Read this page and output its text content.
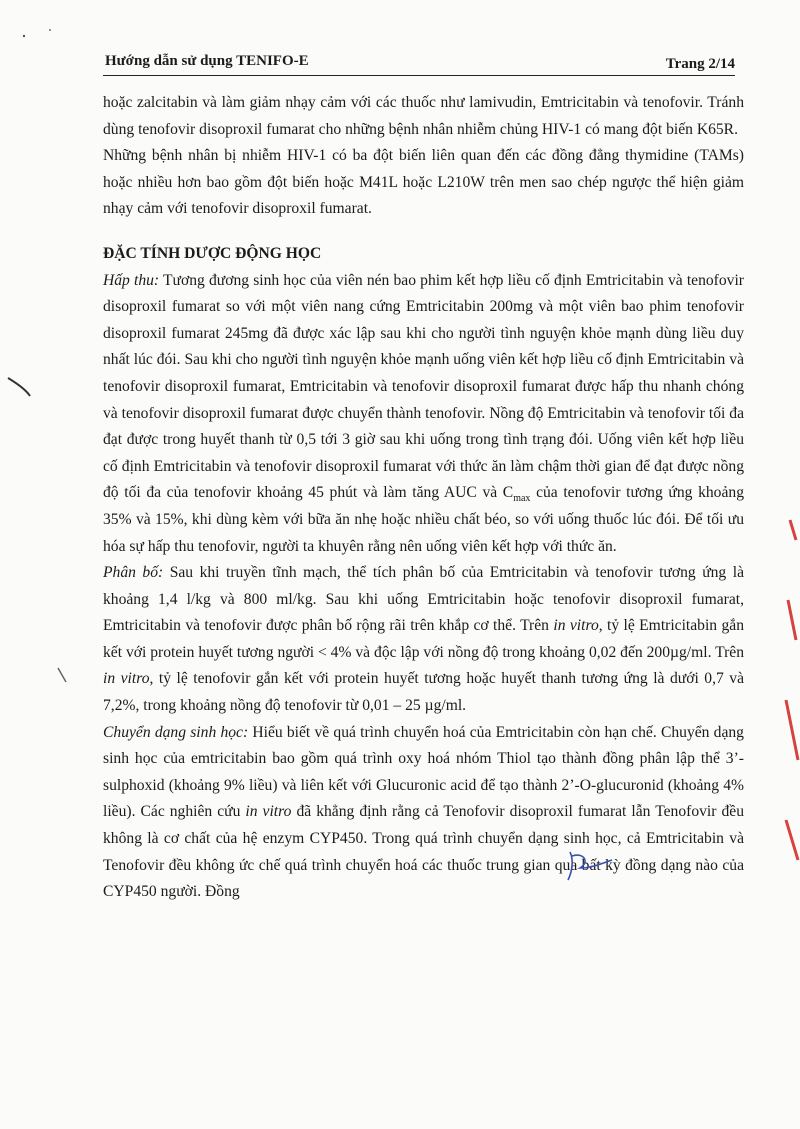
Hướng dẫn sử dụng TENIFO-E	Trang 2/14

hoặc zalcitabin và làm giảm nhạy cảm với các thuốc như lamivudin, Emtricitabin và tenofovir. Tránh dùng tenofovir disoproxil fumarat cho những bệnh nhân nhiễm chủng HIV-1 có mang đột biến K65R.

Những bệnh nhân bị nhiễm HIV-1 có ba đột biến liên quan đến các đồng đẳng thymidine (TAMs) hoặc nhiều hơn bao gồm đột biến hoặc M41L hoặc L210W trên men sao chép ngược thể hiện giảm nhạy cảm với tenofovir disoproxil fumarat.

ĐẶC TÍNH DƯỢC ĐỘNG HỌC

Hấp thu: Tương đương sinh học của viên nén bao phim kết hợp liều cố định Emtricitabin và tenofovir disoproxil fumarat so với một viên nang cứng Emtricitabin 200mg và một viên bao phim tenofovir disoproxil fumarat 245mg đã được xác lập sau khi cho người tình nguyện khỏe mạnh dùng liều duy nhất lúc đói. Sau khi cho người tình nguyện khỏe mạnh uống viên kết hợp liều cố định Emtricitabin và tenofovir disoproxil fumarat, Emtricitabin và tenofovir disoproxil fumarat được hấp thu nhanh chóng và tenofovir disoproxil fumarat được chuyển thành tenofovir. Nồng độ Emtricitabin và tenofovir tối đa đạt được trong huyết thanh từ 0,5 tới 3 giờ sau khi uống trong tình trạng đói. Uống viên kết hợp liều cố định Emtricitabin và tenofovir disoproxil fumarat với thức ăn làm chậm thời gian để đạt được nồng độ tối đa của tenofovir khoảng 45 phút và làm tăng AUC và $C_{max}$ của tenofovir tương ứng khoảng 35% và 15%, khi dùng kèm với bữa ăn nhẹ hoặc nhiều chất béo, so với uống thuốc lúc đói. Để tối ưu hóa sự hấp thu tenofovir, người ta khuyên rằng nên uống viên kết hợp với thức ăn.

Phân bố: Sau khi truyền tĩnh mạch, thể tích phân bố của Emtricitabin và tenofovir tương ứng là khoảng 1,4 l/kg và 800 ml/kg. Sau khi uống Emtricitabin hoặc tenofovir disoproxil fumarat, Emtricitabin và tenofovir được phân bố rộng rãi trên khắp cơ thể. Trên in vitro, tỷ lệ Emtricitabin gắn kết với protein huyết tương người < 4% và độc lập với nồng độ trong khoảng 0,02 đến 200µg/ml. Trên in vitro, tỷ lệ tenofovir gắn kết với protein huyết tương hoặc huyết thanh tương ứng là dưới 0,7 và 7,2%, trong khoảng nồng độ tenofovir từ 0,01 – 25 µg/ml.

Chuyển dạng sinh học: Hiểu biết về quá trình chuyển hoá của Emtricitabin còn hạn chế. Chuyển dạng sinh học của emtricitabin bao gồm quá trình oxy hoá nhóm Thiol tạo thành đồng phân lập thể 3’-sulphoxid (khoảng 9% liều) và liên kết với Glucuronic acid để tạo thành 2’-O-glucuronid (khoảng 4% liều). Các nghiên cứu in vitro đã khẳng định rằng cả Tenofovir disoproxil fumarat lẫn Tenofovir đều không là cơ chất của hệ enzym CYP450. Trong quá trình chuyển dạng sinh học, cả Emtricitabin và Tenofovir đều không ức chế quá trình chuyển hoá các thuốc trung gian qua bất kỳ đồng dạng nào của CYP450 người. Đồng
